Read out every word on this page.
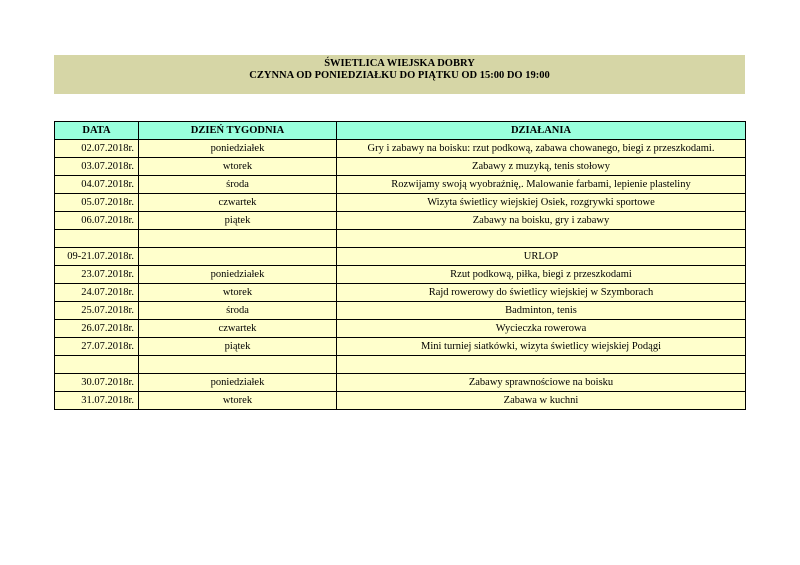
ŚWIETLICA WIEJSKA DOBRY
CZYNNA OD PONIEDZIAŁKU DO PIĄTKU OD 15:00 DO 19:00
DATA	DZIEŃ TYGODNIA	DZIAŁANIA
02.07.2018r.	poniedziałek	Gry i zabawy na boisku: rzut podkową, zabawa chowanego, biegi z przeszkodami.
03.07.2018r.	wtorek	Zabawy z muzyką, tenis stołowy
04.07.2018r.	środa	Rozwijamy swoją wyobraźnię,. Malowanie farbami, lepienie plasteliny
05.07.2018r.	czwartek	Wizyta świetlicy wiejskiej Osiek, rozgrywki sportowe
06.07.2018r.	piątek	Zabawy na boisku, gry i zabawy

09-21.07.2018r.		URLOP
23.07.2018r.	poniedziałek	Rzut podkową, piłka, biegi z przeszkodami
24.07.2018r.	wtorek	Rajd rowerowy do świetlicy wiejskiej w Szymborach
25.07.2018r.	środa	Badminton, tenis
26.07.2018r.	czwartek	Wycieczka rowerowa
27.07.2018r.	piątek	Mini turniej siatkówki, wizyta świetlicy wiejskiej Podągi

30.07.2018r.	poniedziałek	Zabawy sprawnościowe na boisku
31.07.2018r.	wtorek	Zabawa w kuchni
